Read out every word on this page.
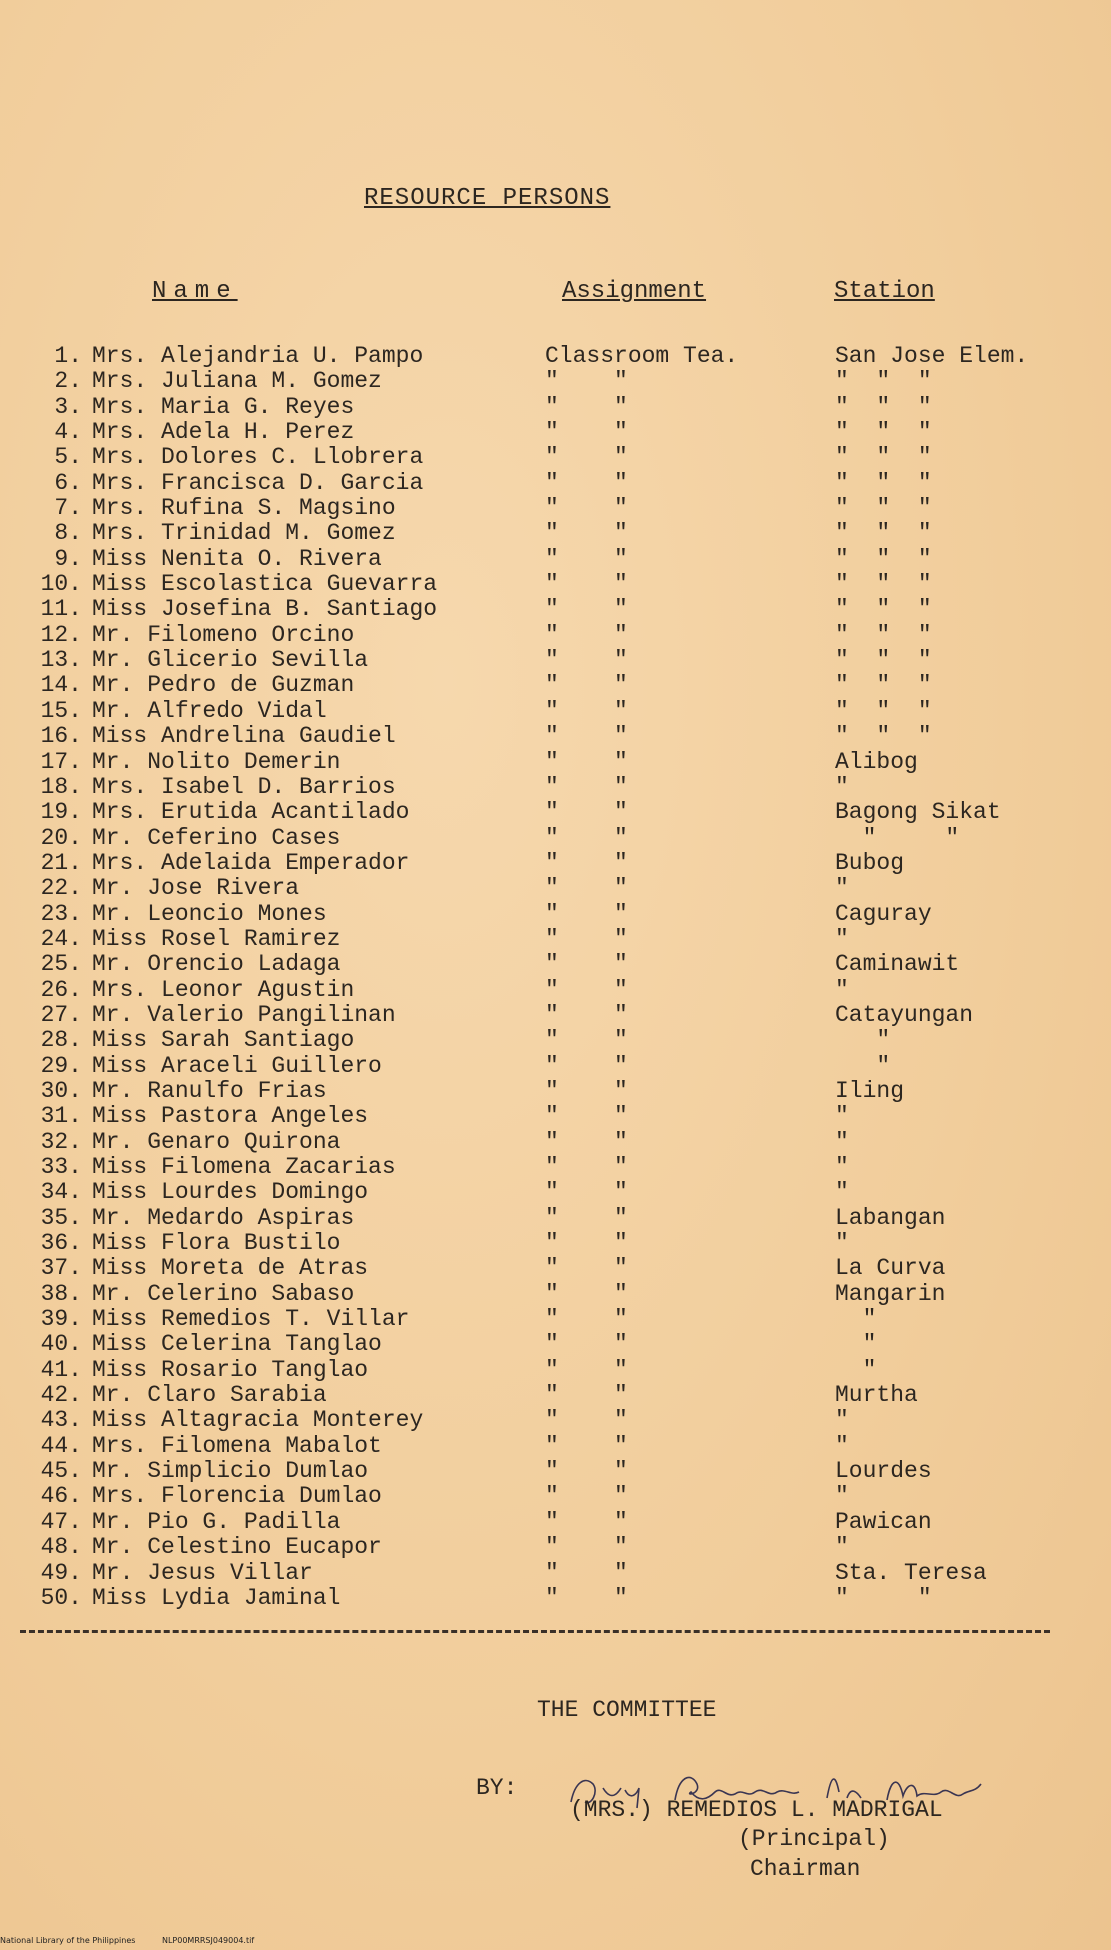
RESOURCE PERSONS
Name	Assignment	Station
1. Mrs. Alejandria U. Pampo	Classroom Tea.	San Jose Elem.
2. Mrs. Juliana M. Gomez	"    "	"  "  "
3. Mrs. Maria G. Reyes	"    "	"  "  "
4. Mrs. Adela H. Perez	"    "	"  "  "
5. Mrs. Dolores C. Llobrera	"    "	"  "  "
6. Mrs. Francisca D. Garcia	"    "	"  "  "
7. Mrs. Rufina S. Magsino	"    "	"  "  "
8. Mrs. Trinidad M. Gomez	"    "	"  "  "
9. Miss Nenita O. Rivera	"    "	"  "  "
10. Miss Escolastica Guevarra	"    "	"  "  "
11. Miss Josefina B. Santiago	"    "	"  "  "
12. Mr. Filomeno Orcino	"    "	"  "  "
13. Mr. Glicerio Sevilla	"    "	"  "  "
14. Mr. Pedro de Guzman	"    "	"  "  "
15. Mr. Alfredo Vidal	"    "	"  "  "
16. Miss Andrelina Gaudiel	"    "	"  "  "
17. Mr. Nolito Demerin	"    "	Alibog
18. Mrs. Isabel D. Barrios	"    "	"
19. Mrs. Erutida Acantilado	"    "	Bagong Sikat
20. Mr. Ceferino Cases	"    "	"     "
21. Mrs. Adelaida Emperador	"    "	Bubog
22. Mr. Jose Rivera	"    "	"
23. Mr. Leoncio Mones	"    "	Caguray
24. Miss Rosel Ramirez	"    "	"
25. Mr. Orencio Ladaga	"    "	Caminawit
26. Mrs. Leonor Agustin	"    "	"
27. Mr. Valerio Pangilinan	"    "	Catayungan
28. Miss Sarah Santiago	"    "	"
29. Miss Araceli Guillero	"    "	"
30. Mr. Ranulfo Frias	"    "	Iling
31. Miss Pastora Angeles	"    "	"
32. Mr. Genaro Quirona	"    "	"
33. Miss Filomena Zacarias	"    "	"
34. Miss Lourdes Domingo	"    "	"
35. Mr. Medardo Aspiras	"    "	Labangan
36. Miss Flora Bustilo	"    "	"
37. Miss Moreta de Atras	"    "	La Curva
38. Mr. Celerino Sabaso	"    "	Mangarin
39. Miss Remedios T. Villar	"    "	"
40. Miss Celerina Tanglao	"    "	"
41. Miss Rosario Tanglao	"    "	"
42. Mr. Claro Sarabia	"    "	Murtha
43. Miss Altagracia Monterey	"    "	"
44. Mrs. Filomena Mabalot	"    "	"
45. Mr. Simplicio Dumlao	"    "	Lourdes
46. Mrs. Florencia Dumlao	"    "	"
47. Mr. Pio G. Padilla	"    "	Pawican
48. Mr. Celestino Eucapor	"    "	"
49. Mr. Jesus Villar	"    "	Sta. Teresa
50. Miss Lydia Jaminal	"    "	"     "
THE COMMITTEE
BY:
(MRS.) REMEDIOS L. MADRIGAL
(Principal)
Chairman
National Library of the Philippines	NLP00MRRSJ049004.tif
